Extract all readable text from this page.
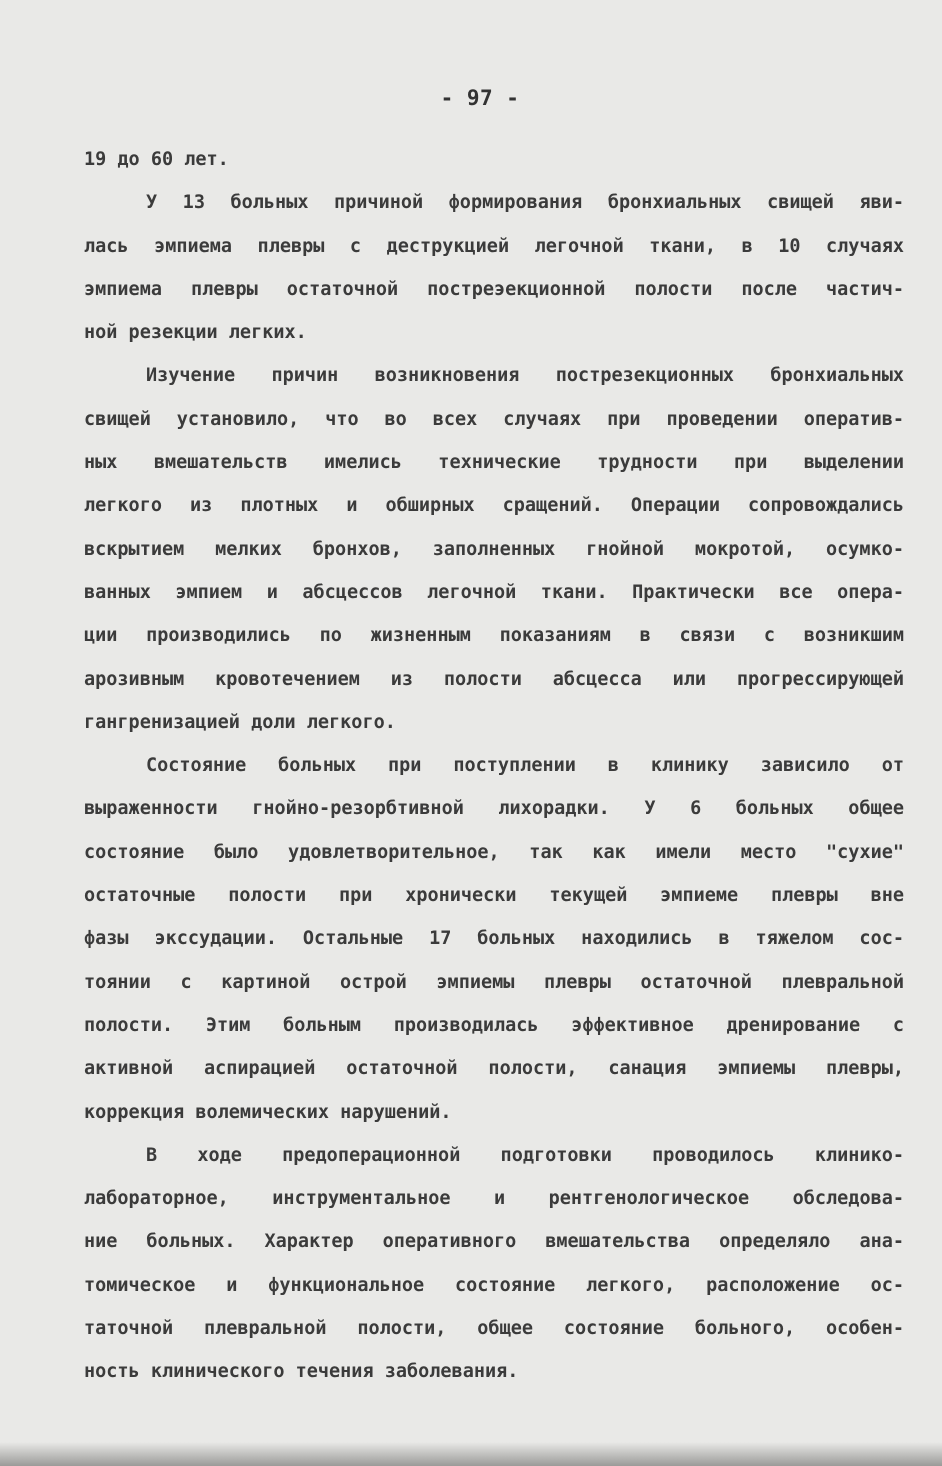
- 97 -
19 до 60 лет.
У 13 больных причиной формирования бронхиальных свищей яви-
лась эмпиема плевры с деструкцией легочной ткани, в 10 случаях
эмпиема плевры остаточной постреэекционной полости после частич-
ной резекции легких.
Изучение причин возникновения пострезекционных бронхиальных
свищей установило, что во всех случаях при проведении оператив-
ных вмешательств имелись технические трудности при выделении
легкого из плотных и обширных сращений. Операции сопровождались
вскрытием мелких бронхов, заполненных гнойной мокротой, осумко-
ванных эмпием и абсцессов легочной ткани. Практически все опера-
ции производились по жизненным показаниям в связи с возникшим
арозивным кровотечением из полости абсцесса или прогрессирующей
гангренизацией доли легкого.
Состояние больных при поступлении в клинику зависило от
выраженности гнойно-резорбтивной лихорадки. У 6 больных общее
состояние было удовлетворительное, так как имели место "сухие"
остаточные полости при хронически текущей эмпиеме плевры вне
фазы экссудации. Остальные 17 больных находились в тяжелом сос-
тоянии с картиной острой эмпиемы плевры остаточной плевральной
полости. Этим больным производилась эффективное дренирование с
активной аспирацией остаточной полости, санация эмпиемы плевры,
коррекция волемических нарушений.
В ходе предоперационной подготовки проводилось клинико-
лабораторное, инструментальное и рентгенологическое обследова-
ние больных. Характер оперативного вмешательства определяло ана-
томическое и функциональное состояние легкого, расположение ос-
таточной плевральной полости, общее состояние больного, особен-
ность клинического течения заболевания.
